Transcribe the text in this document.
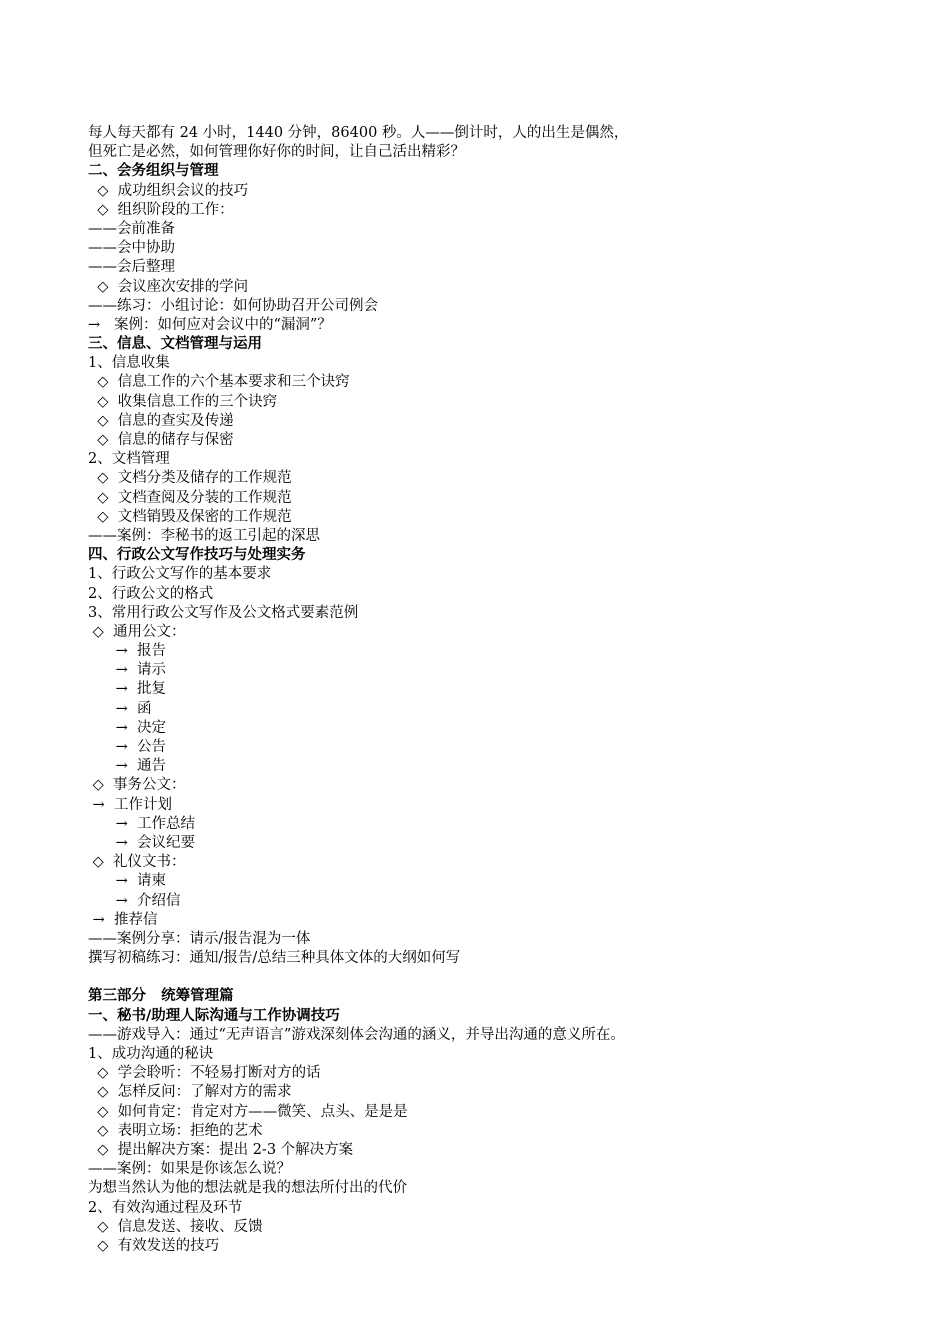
每人每天都有 24 小时，1440 分钟，86400 秒。人——倒计时，人的出生是偶然，
但死亡是必然，如何管理你好你的时间，让自己活出精彩？
二、会务组织与管理
◇  成功组织会议的技巧
◇  组织阶段的工作：
——会前准备
——会中协助
——会后整理
◇  会议座次安排的学问
——练习：小组讨论：如何协助召开公司例会
→   案例：如何应对会议中的“漏洞”？
三、信息、文档管理与运用
1、信息收集
◇  信息工作的六个基本要求和三个诀窍
◇  收集信息工作的三个诀窍
◇  信息的查实及传递
◇  信息的储存与保密
2、文档管理
◇  文档分类及储存的工作规范
◇  文档查阅及分装的工作规范
◇  文档销毁及保密的工作规范
——案例：李秘书的返工引起的深思
四、行政公文写作技巧与处理实务
1、行政公文写作的基本要求
2、行政公文的格式
3、常用行政公文写作及公文格式要素范例
◇  通用公文：
→  报告
→  请示
→  批复
→  函
→  决定
→  公告
→  通告
◇  事务公文：
→  工作计划
→  工作总结
→  会议纪要
◇  礼仪文书：
→  请柬
→  介绍信
→  推荐信
——案例分享：请示/报告混为一体
撰写初稿练习：通知/报告/总结三种具体文体的大纲如何写
第三部分   统筹管理篇
一、秘书/助理人际沟通与工作协调技巧
——游戏导入：通过“无声语言”游戏深刻体会沟通的涵义，并导出沟通的意义所在。
1、成功沟通的秘诀
◇  学会聆听：不轻易打断对方的话
◇  怎样反问：了解对方的需求
◇  如何肯定：肯定对方——微笑、点头、是是是
◇  表明立场：拒绝的艺术
◇  提出解决方案：提出 2-3 个解决方案
——案例：如果是你该怎么说？
为想当然认为他的想法就是我的想法所付出的代价
2、有效沟通过程及环节
◇  信息发送、接收、反馈
◇  有效发送的技巧
